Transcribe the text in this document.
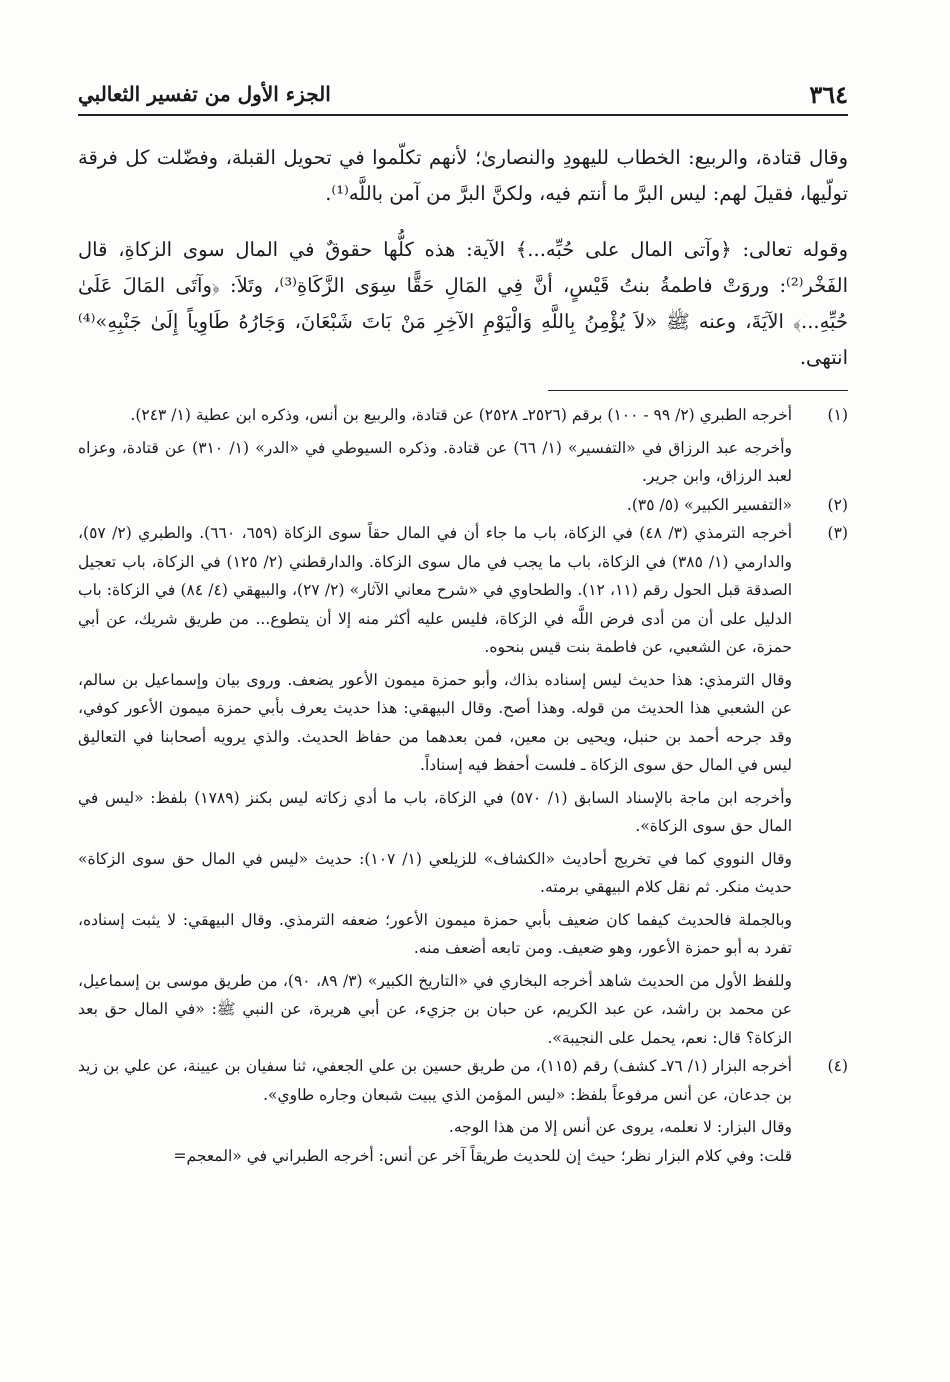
٣٦٤
الجزء الأول من تفسير الثعالبي

وقال قتادة، والربيع: الخطاب لليهودِ والنصارىٰ؛ لأنهم تكلّموا في تحويل القبلة، وفضّلت كل فرقة تولّيها، فقيلَ لهم: ليس البرَّ ما أنتم فيه، ولكنَّ البرَّ من آمن باللَّه⁽¹⁾.

وقوله تعالى: ﴿وآتى المال على حُبِّه...﴾ الآية: هذه كلُّها حقوقٌ في المال سوى الزكاةِ، قال الفَخْر⁽²⁾: وروَتْ فاطمةُ بنتُ قَيْسٍ، أنَّ فِي المَالِ حَقًّا سِوَى الزَّكَاةِ⁽³⁾، وتَلاَ: ﴿وآتَى المَالَ عَلَىٰ حُبِّهِ...﴾ الآيَةَ، وعنه ﷺ «لاَ يُؤْمِنُ بِاللَّهِ وَالْيَوْمِ الآخِرِ مَنْ بَاتَ شَبْعَانَ، وَجَارُهُ طَاوِياً إِلَىٰ جَنْبِهِ»⁽⁴⁾ انتهى.

(١)

أخرجه الطبري (٢/ ٩٩ - ١٠٠) برقم (٢٥٢٦ـ ٢٥٢٨) عن قتادة، والربيع بن أنس، وذكره ابن عطية (١/ ٢٤٣).

وأخرجه عبد الرزاق في «التفسير» (١/ ٦٦) عن قتادة. وذكره السيوطي في «الدر» (١/ ٣١٠) عن قتادة، وعزاه لعبد الرزاق، وابن جرير.

(٢)

«التفسير الكبير» (٥/ ٣٥).

(٣)

أخرجه الترمذي (٣/ ٤٨) في الزكاة، باب ما جاء أن في المال حقاً سوى الزكاة (٦٥٩، ٦٦٠). والطبري (٢/ ٥٧)، والدارمي (١/ ٣٨٥) في الزكاة، باب ما يجب في مال سوى الزكاة. والدارقطني (٢/ ١٢٥) في الزكاة، باب تعجيل الصدقة قبل الحول رقم (١١، ١٢). والطحاوي في «شرح معاني الآثار» (٢/ ٢٧)، والبيهقي (٤/ ٨٤) في الزكاة: باب الدليل على أن من أدى فرض اللَّه في الزكاة، فليس عليه أكثر منه إلا أن يتطوع... من طريق شريك، عن أبي حمزة، عن الشعبي، عن فاطمة بنت قيس بنحوه.

وقال الترمذي: هذا حديث ليس إسناده بذاك، وأبو حمزة ميمون الأعور يضعف. وروى بيان وإسماعيل بن سالم، عن الشعبي هذا الحديث من قوله. وهذا أصح. وقال البيهقي: هذا حديث يعرف بأبي حمزة ميمون الأعور كوفي، وقد جرحه أحمد بن حنبل، ويحيى بن معين، فمن بعدهما من حفاظ الحديث. والذي يرويه أصحابنا في التعاليق ليس في المال حق سوى الزكاة ـ فلست أحفظ فيه إسناداً.

وأخرجه ابن ماجة بالإسناد السابق (١/ ٥٧٠) في الزكاة، باب ما أدي زكاته ليس بكنز (١٧٨٩) بلفظ: «ليس في المال حق سوى الزكاة».

وقال النووي كما في تخريج أحاديث «الكشاف» للزيلعي (١/ ١٠٧): حديث «ليس في المال حق سوى الزكاة» حديث منكر. ثم نقل كلام البيهقي برمته.

وبالجملة فالحديث كيفما كان ضعيف بأبي حمزة ميمون الأعور؛ ضعفه الترمذي. وقال البيهقي: لا يثبت إسناده، تفرد به أبو حمزة الأعور، وهو ضعيف. ومن تابعه أضعف منه.

وللفظ الأول من الحديث شاهد أخرجه البخاري في «التاريخ الكبير» (٣/ ٨٩، ٩٠)، من طريق موسى بن إسماعيل، عن محمد بن راشد، عن عبد الكريم، عن حبان بن جزيء، عن أبي هريرة، عن النبي ﷺ: «في المال حق بعد الزكاة؟ قال: نعم، يحمل على النجيبة».

(٤)

أخرجه البزار (١/ ٧٦ـ كشف) رقم (١١٥)، من طريق حسين بن علي الجعفي، ثنا سفيان بن عيينة، عن علي بن زيد بن جدعان، عن أنس مرفوعاً بلفظ: «ليس المؤمن الذي يبيت شبعان وجاره طاوي».

وقال البزار: لا نعلمه، يروى عن أنس إلا من هذا الوجه.

قلت: وفي كلام البزار نظر؛ حيث إن للحديث طريقاً آخر عن أنس: أخرجه الطبراني في «المعجم=
